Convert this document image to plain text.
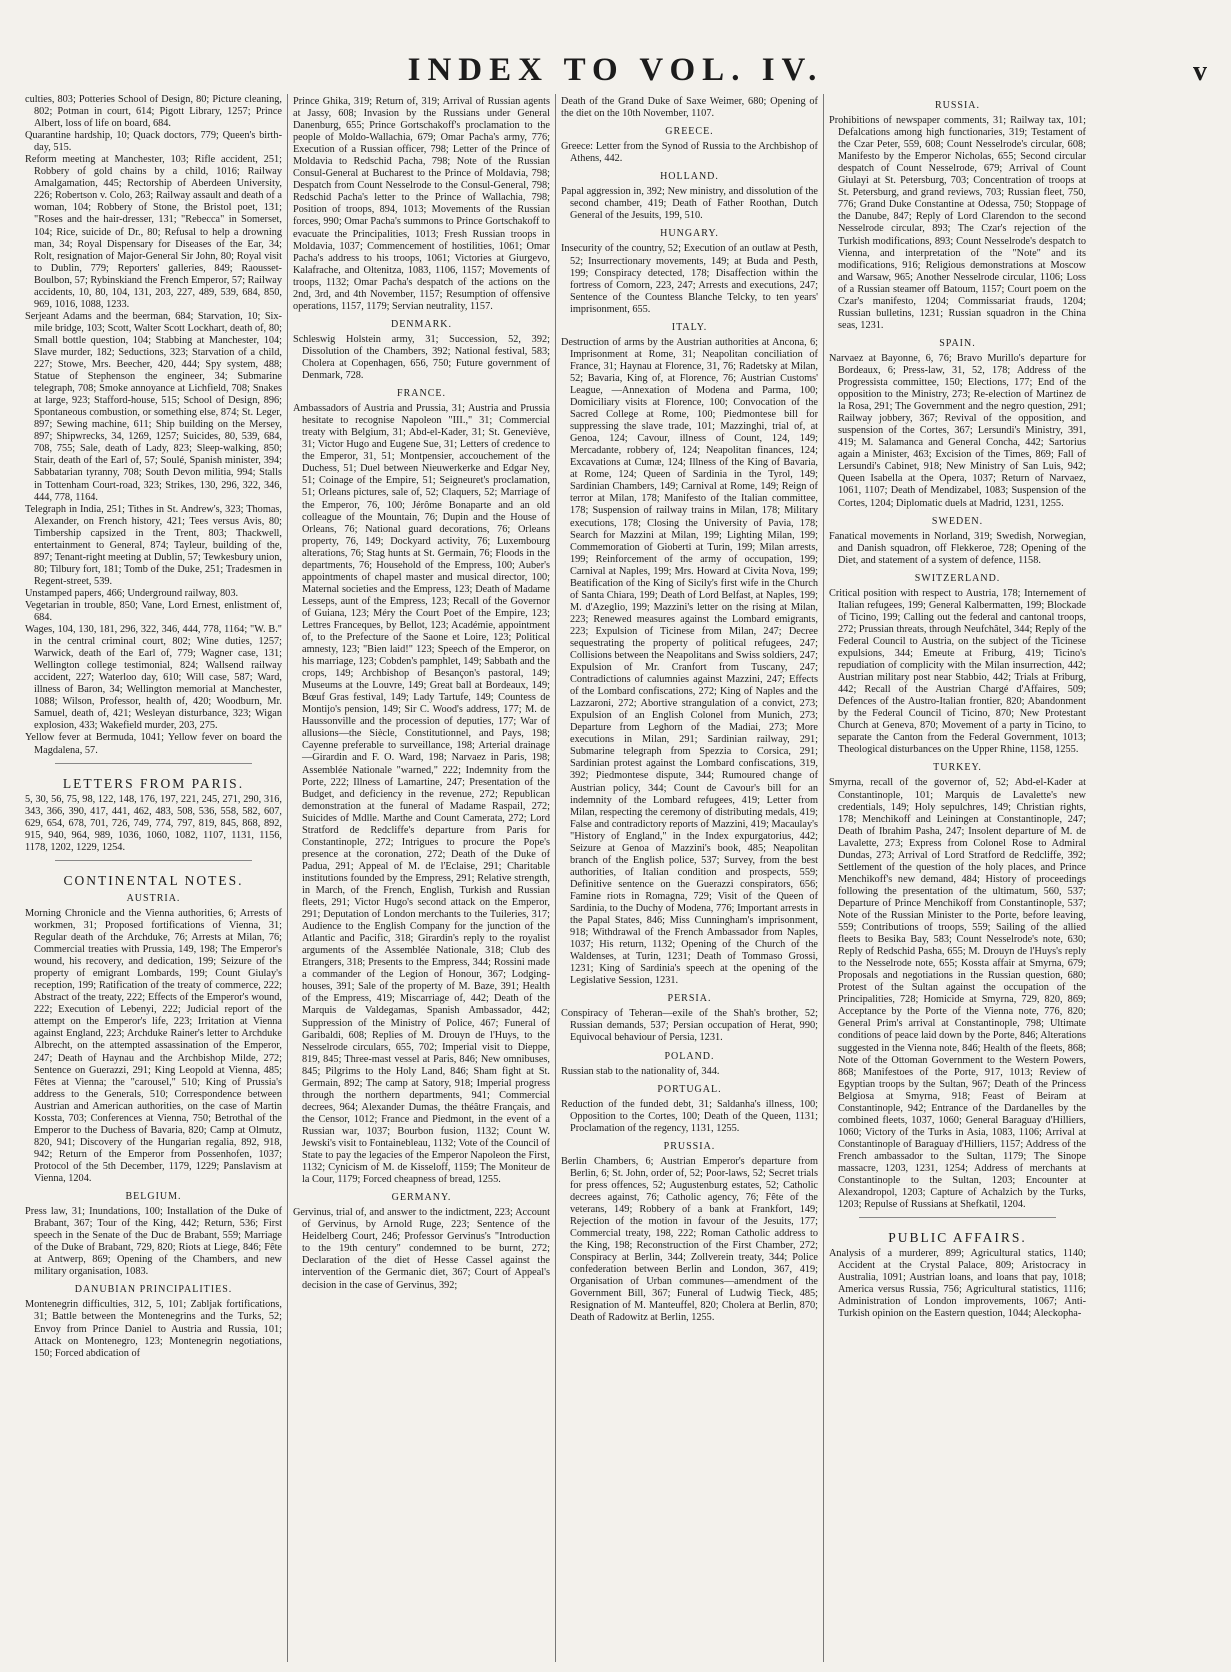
INDEX TO VOL. IV.	v

culties, 803; Potteries School of Design, 80; Picture cleaning, 802; Potman in court, 614; Pigott Library, 1257; Prince Albert, loss of life on board, 684.

Quarantine hardship, 10; Quack doctors, 779; Queen's birth-day, 515.

Reform meeting at Manchester, 103; Rifle accident, 251; Robbery of gold chains by a child, 1016; Railway Amalgamation, 445; Rectorship of Aberdeen University, 226; Robertson v. Colo, 263; Railway assault and death of a woman, 104; Robbery of Stone, the Bristol poet, 131; "Roses and the hair-dresser, 131; "Rebecca" in Somerset, 104; Rice, suicide of Dr., 80; Refusal to help a drowning man, 34; Royal Dispensary for Diseases of the Ear, 34; Rolt, resignation of Major-General Sir John, 80; Royal visit to Dublin, 779; Reporters' galleries, 849; Raousset-Boulbon, 57; Rybinskiand the French Emperor, 57; Railway accidents, 10, 80, 104, 131, 203, 227, 489, 539, 684, 850, 969, 1016, 1088, 1233.

Serjeant Adams and the beerman, 684; Starvation, 10; Six-mile bridge, 103; Scott, Walter Scott Lockhart, death of, 80; Small bottle question, 104; Stabbing at Manchester, 104; Slave murder, 182; Seductions, 323; Starvation of a child, 227; Stowe, Mrs. Beecher, 420, 444; Spy system, 488; Statue of Stephenson the engineer, 34; Submarine telegraph, 708; Smoke annoyance at Lichfield, 708; Snakes at large, 923; Stafford-house, 515; School of Design, 896; Spontaneous combustion, or something else, 874; St. Leger, 897; Sewing machine, 611; Ship building on the Mersey, 897; Shipwrecks, 34, 1269, 1257; Suicides, 80, 539, 684, 708, 755; Sale, death of Lady, 823; Sleep-walking, 850; Stair, death of the Earl of, 57; Soulé, Spanish minister, 394; Sabbatarian tyranny, 708; South Devon militia, 994; Stalls in Tottenham Court-road, 323; Strikes, 130, 296, 322, 346, 444, 778, 1164.

Telegraph in India, 251; Tithes in St. Andrew's, 323; Thomas, Alexander, on French history, 421; Tees versus Avis, 80; Timbership capsized in the Trent, 803; Thackwell, entertainment to General, 874; Tayleur, building of the, 897; Tenant-right meeting at Dublin, 57; Tewkesbury union, 80; Tilbury fort, 181; Tomb of the Duke, 251; Tradesmen in Regent-street, 539.

Unstamped papers, 466; Underground railway, 803.

Vegetarian in trouble, 850; Vane, Lord Ernest, enlistment of, 684.

Wages, 104, 130, 181, 296, 322, 346, 444, 778, 1164; "W. B." in the central criminal court, 802; Wine duties, 1257; Warwick, death of the Earl of, 779; Wagner case, 131; Wellington college testimonial, 824; Wallsend railway accident, 227; Waterloo day, 610; Will case, 587; Ward, illness of Baron, 34; Wellington memorial at Manchester, 1088; Wilson, Professor, health of, 420; Woodburn, Mr. Samuel, death of, 421; Wesleyan disturbance, 323; Wigan explosion, 433; Wakefield murder, 203, 275.

Yellow fever at Bermuda, 1041; Yellow fever on board the Magdalena, 57.

LETTERS FROM PARIS.

5, 30, 56, 75, 98, 122, 148, 176, 197, 221, 245, 271, 290, 316, 343, 366, 390, 417, 441, 462, 483, 508, 536, 558, 582, 607, 629, 654, 678, 701, 726, 749, 774, 797, 819, 845, 868, 892, 915, 940, 964, 989, 1036, 1060, 1082, 1107, 1131, 1156, 1178, 1202, 1229, 1254.

CONTINENTAL NOTES.
AUSTRIA.

Morning Chronicle and the Vienna authorities, 6; Arrests of workmen, 31; Proposed fortifications of Vienna, 31; Regular death of the Archduke, 76; Arrests at Milan, 76; Commercial treaties with Prussia, 149, 198; The Emperor's wound, his recovery, and dedication, 199; Seizure of the property of emigrant Lombards, 199; Count Giulay's reception, 199; Ratification of the treaty of commerce, 222; Abstract of the treaty, 222; Effects of the Emperor's wound, 222; Execution of Lebenyi, 222; Judicial report of the attempt on the Emperor's life, 223; Irritation at Vienna against England, 223; Archduke Rainer's letter to Archduke Albrecht, on the attempted assassination of the Emperor, 247; Death of Haynau and the Archbishop Milde, 272; Sentence on Guerazzi, 291; King Leopold at Vienna, 485; Fêtes at Vienna; the "carousel," 510; King of Prussia's address to the Generals, 510; Correspondence between Austrian and American authorities, on the case of Martin Kossta, 703; Conferences at Vienna, 750; Betrothal of the Emperor to the Duchess of Bavaria, 820; Camp at Olmutz, 820, 941; Discovery of the Hungarian regalia, 892, 918, 942; Return of the Emperor from Possenhofen, 1037; Protocol of the 5th December, 1179, 1229; Panslavism at Vienna, 1204.

BELGIUM.

Press law, 31; Inundations, 100; Installation of the Duke of Brabant, 367; Tour of the King, 442; Return, 536; First speech in the Senate of the Duc de Brabant, 559; Marriage of the Duke of Brabant, 729, 820; Riots at Liege, 846; Fête at Antwerp, 869; Opening of the Chambers, and new military organisation, 1083.

DANUBIAN PRINCIPALITIES.

Montenegrin difficulties, 312, 5, 101; Zabljak fortifications, 31; Battle between the Montenegrins and the Turks, 52; Envoy from Prince Daniel to Austria and Russia, 101; Attack on Montenegro, 123; Montenegrin negotiations, 150; Forced abdication of

Prince Ghika, 319; Return of, 319; Arrival of Russian agents at Jassy, 608; Invasion by the Russians under General Danenburg, 655; Prince Gortschakoff's proclamation to the people of Moldo-Wallachia, 679; Omar Pacha's army, 776; Execution of a Russian officer, 798; Letter of the Prince of Moldavia to Redschid Pacha, 798; Note of the Russian Consul-General at Bucharest to the Prince of Moldavia, 798; Despatch from Count Nesselrode to the Consul-General, 798; Redschid Pacha's letter to the Prince of Wallachia, 798; Position of troops, 894, 1013; Movements of the Russian forces, 990; Omar Pacha's summons to Prince Gortschakoff to evacuate the Principalities, 1013; Fresh Russian troops in Moldavia, 1037; Commencement of hostilities, 1061; Omar Pacha's address to his troops, 1061; Victories at Giurgevo, Kalafrache, and Oltenitza, 1083, 1106, 1157; Movements of troops, 1132; Omar Pacha's despatch of the actions on the 2nd, 3rd, and 4th November, 1157; Resumption of offensive operations, 1157, 1179; Servian neutrality, 1157.

DENMARK.

Schleswig Holstein army, 31; Succession, 52, 392; Dissolution of the Chambers, 392; National festival, 583; Cholera at Copenhagen, 656, 750; Future government of Denmark, 728.

FRANCE.

Ambassadors of Austria and Prussia, 31; Austria and Prussia hesitate to recognise Napoleon "III.," 31; Commercial treaty with Belgium, 31; Abd-el-Kader, 31; St. Geneviève, 31; Victor Hugo and Eugene Sue, 31; Letters of credence to the Emperor, 31, 51; Montpensier, accouchement of the Duchess, 51; Duel between Nieuwerkerke and Edgar Ney, 51; Coinage of the Empire, 51; Seigneuret's proclamation, 51; Orleans pictures, sale of, 52; Claquers, 52; Marriage of the Emperor, 76, 100; Jérôme Bonaparte and an old colleague of the Mountain, 76; Dupin and the House of Orleans, 76; National guard decorations, 76; Orleans property, 76, 149; Dockyard activity, 76; Luxembourg alterations, 76; Stag hunts at St. Germain, 76; Floods in the departments, 76; Household of the Empress, 100; Auber's appointments of chapel master and musical director, 100; Maternal societies and the Empress, 123; Death of Madame Lesseps, aunt of the Empress, 123; Recall of the Governor of Guiana, 123; Méry the Court Poet of the Empire, 123; Lettres Franceques, by Bellot, 123; Académie, appointment of, to the Prefecture of the Saone et Loire, 123; Political amnesty, 123; "Bien laid!" 123; Speech of the Emperor, on his marriage, 123; Cobden's pamphlet, 149; Sabbath and the crops, 149; Archbishop of Besançon's pastoral, 149; Museums at the Louvre, 149; Great ball at Bordeaux, 149; Bœuf Gras festival, 149; Lady Tartufe, 149; Countess de Montijo's pension, 149; Sir C. Wood's address, 177; M. de Haussonville and the procession of deputies, 177; War of allusions—the Siècle, Constitutionnel, and Pays, 198; Cayenne preferable to surveillance, 198; Arterial drainage—Girardin and F. O. Ward, 198; Narvaez in Paris, 198; Assemblée Nationale "warned," 222; Indemnity from the Porte, 222; Illness of Lamartine, 247; Presentation of the Budget, and deficiency in the revenue, 272; Republican demonstration at the funeral of Madame Raspail, 272; Suicides of Mdlle. Marthe and Count Camerata, 272; Lord Stratford de Redcliffe's departure from Paris for Constantinople, 272; Intrigues to procure the Pope's presence at the coronation, 272; Death of the Duke of Padua, 291; Appeal of M. de l'Eclaise, 291; Charitable institutions founded by the Empress, 291; Relative strength, in March, of the French, English, Turkish and Russian fleets, 291; Victor Hugo's second attack on the Emperor, 291; Deputation of London merchants to the Tuileries, 317; Audience to the English Company for the junction of the Atlantic and Pacific, 318; Girardin's reply to the royalist arguments of the Assemblée Nationale, 318; Club des Etrangers, 318; Presents to the Empress, 344; Rossini made a commander of the Legion of Honour, 367; Lodging-houses, 391; Sale of the property of M. Baze, 391; Health of the Empress, 419; Miscarriage of, 442; Death of the Marquis de Valdegamas, Spanish Ambassador, 442; Suppression of the Ministry of Police, 467; Funeral of Garibaldi, 608; Replies of M. Drouyn de l'Huys, to the Nesselrode circulars, 655, 702; Imperial visit to Dieppe, 819, 845; Three-mast vessel at Paris, 846; New omnibuses, 845; Pilgrims to the Holy Land, 846; Sham fight at St. Germain, 892; The camp at Satory, 918; Imperial progress through the northern departments, 941; Commercial decrees, 964; Alexander Dumas, the théâtre Français, and the Censor, 1012; France and Piedmont, in the event of a Russian war, 1037; Bourbon fusion, 1132; Count W. Jewski's visit to Fontainebleau, 1132; Vote of the Council of State to pay the legacies of the Emperor Napoleon the First, 1132; Cynicism of M. de Kisseloff, 1159; The Moniteur de la Cour, 1179; Forced cheapness of bread, 1255.

GERMANY.

Gervinus, trial of, and answer to the indictment, 223; Account of Gervinus, by Arnold Ruge, 223; Sentence of the Heidelberg Court, 246; Professor Gervinus's "Introduction to the 19th century" condemned to be burnt, 272; Declaration of the diet of Hesse Cassel against the intervention of the Germanic diet, 367; Court of Appeal's decision in the case of Gervinus, 392;

Death of the Grand Duke of Saxe Weimer, 680; Opening of the diet on the 10th November, 1107.

GREECE.

Greece: Letter from the Synod of Russia to the Archbishop of Athens, 442.

HOLLAND.

Papal aggression in, 392; New ministry, and dissolution of the second chamber, 419; Death of Father Roothan, Dutch General of the Jesuits, 199, 510.

HUNGARY.

Insecurity of the country, 52; Execution of an outlaw at Pesth, 52; Insurrectionary movements, 149; at Buda and Pesth, 199; Conspiracy detected, 178; Disaffection within the fortress of Comorn, 223, 247; Arrests and executions, 247; Sentence of the Countess Blanche Telcky, to ten years' imprisonment, 655.

ITALY.

Destruction of arms by the Austrian authorities at Ancona, 6; Imprisonment at Rome, 31; Neapolitan conciliation of France, 31; Haynau at Florence, 31, 76; Radetsky at Milan, 52; Bavaria, King of, at Florence, 76; Austrian Customs' League, —Annexation of Modena and Parma, 100; Domiciliary visits at Florence, 100; Convocation of the Sacred College at Rome, 100; Piedmontese bill for suppressing the slave trade, 101; Mazzinghi, trial of, at Genoa, 124; Cavour, illness of Count, 124, 149; Mercadante, robbery of, 124; Neapolitan finances, 124; Excavations at Cumæ, 124; Illness of the King of Bavaria, at Rome, 124; Queen of Sardinia in the Tyrol, 149; Sardinian Chambers, 149; Carnival at Rome, 149; Reign of terror at Milan, 178; Manifesto of the Italian committee, 178; Suspension of railway trains in Milan, 178; Military executions, 178; Closing the University of Pavia, 178; Search for Mazzini at Milan, 199; Lighting Milan, 199; Commemoration of Gioberti at Turin, 199; Milan arrests, 199; Reinforcement of the army of occupation, 199; Carnival at Naples, 199; Mrs. Howard at Civita Nova, 199; Beatification of the King of Sicily's first wife in the Church of Santa Chiara, 199; Death of Lord Belfast, at Naples, 199; M. d'Azeglio, 199; Mazzini's letter on the rising at Milan, 223; Renewed measures against the Lombard emigrants, 223; Expulsion of Ticinese from Milan, 247; Decree sequestrating the property of political refugees, 247; Collisions between the Neapolitans and Swiss soldiers, 247; Expulsion of Mr. Cranfort from Tuscany, 247; Contradictions of calumnies against Mazzini, 247; Effects of the Lombard confiscations, 272; King of Naples and the Lazzaroni, 272; Abortive strangulation of a convict, 273; Expulsion of an English Colonel from Munich, 273; Departure from Leghorn of the Madiai, 273; More executions in Milan, 291; Sardinian railway, 291; Submarine telegraph from Spezzia to Corsica, 291; Sardinian protest against the Lombard confiscations, 319, 392; Piedmontese dispute, 344; Rumoured change of Austrian policy, 344; Count de Cavour's bill for an indemnity of the Lombard refugees, 419; Letter from Milan, respecting the ceremony of distributing medals, 419; False and contradictory reports of Mazzini, 419; Macaulay's "History of England," in the Index expurgatorius, 442; Seizure at Genoa of Mazzini's book, 485; Neapolitan branch of the English police, 537; Survey, from the best authorities, of Italian condition and prospects, 559; Definitive sentence on the Guerazzi conspirators, 656; Famine riots in Romagna, 729; Visit of the Queen of Sardinia, to the Duchy of Modena, 776; Important arrests in the Papal States, 846; Miss Cunningham's imprisonment, 918; Withdrawal of the French Ambassador from Naples, 1037; His return, 1132; Opening of the Church of the Waldenses, at Turin, 1231; Death of Tommaso Grossi, 1231; King of Sardinia's speech at the opening of the Legislative Session, 1231.

PERSIA.

Conspiracy of Teheran—exile of the Shah's brother, 52; Russian demands, 537; Persian occupation of Herat, 990; Equivocal behaviour of Persia, 1231.

POLAND.

Russian stab to the nationality of, 344.

PORTUGAL.

Reduction of the funded debt, 31; Saldanha's illness, 100; Opposition to the Cortes, 100; Death of the Queen, 1131; Proclamation of the regency, 1131, 1255.

PRUSSIA.

Berlin Chambers, 6; Austrian Emperor's departure from Berlin, 6; St. John, order of, 52; Poor-laws, 52; Secret trials for press offences, 52; Augustenburg estates, 52; Catholic decrees against, 76; Catholic agency, 76; Fête of the veterans, 149; Robbery of a bank at Frankfort, 149; Rejection of the motion in favour of the Jesuits, 177; Commercial treaty, 198, 222; Roman Catholic address to the King, 198; Reconstruction of the First Chamber, 272; Conspiracy at Berlin, 344; Zollverein treaty, 344; Police confederation between Berlin and London, 367, 419; Organisation of Urban communes—amendment of the Government Bill, 367; Funeral of Ludwig Tieck, 485; Resignation of M. Manteuffel, 820; Cholera at Berlin, 870; Death of Radowitz at Berlin, 1255.

RUSSIA.

Prohibitions of newspaper comments, 31; Railway tax, 101; Defalcations among high functionaries, 319; Testament of the Czar Peter, 559, 608; Count Nesselrode's circular, 608; Manifesto by the Emperor Nicholas, 655; Second circular despatch of Count Nesselrode, 679; Arrival of Count Giulayi at St. Petersburg, 703; Concentration of troops at St. Petersburg, and grand reviews, 703; Russian fleet, 750, 776; Grand Duke Constantine at Odessa, 750; Stoppage of the Danube, 847; Reply of Lord Clarendon to the second Nesselrode circular, 893; The Czar's rejection of the Turkish modifications, 893; Count Nesselrode's despatch to Vienna, and interpretation of the "Note" and its modifications, 916; Religious demonstrations at Moscow and Warsaw, 965; Another Nesselrode circular, 1106; Loss of a Russian steamer off Batoum, 1157; Court poem on the Czar's manifesto, 1204; Commissariat frauds, 1204; Russian bulletins, 1231; Russian squadron in the China seas, 1231.

SPAIN.

Narvaez at Bayonne, 6, 76; Bravo Murillo's departure for Bordeaux, 6; Press-law, 31, 52, 178; Address of the Progressista committee, 150; Elections, 177; End of the opposition to the Ministry, 273; Re-election of Martinez de la Rosa, 291; The Government and the negro question, 291; Railway jobbery, 367; Revival of the opposition, and suspension of the Cortes, 367; Lersundi's Ministry, 391, 419; M. Salamanca and General Concha, 442; Sartorius again a Minister, 463; Excision of the Times, 869; Fall of Lersundi's Cabinet, 918; New Ministry of San Luis, 942; Queen Isabella at the Opera, 1037; Return of Narvaez, 1061, 1107; Death of Mendizabel, 1083; Suspension of the Cortes, 1204; Diplomatic duels at Madrid, 1231, 1255.

SWEDEN.

Fanatical movements in Norland, 319; Swedish, Norwegian, and Danish squadron, off Flekkeroe, 728; Opening of the Diet, and statement of a system of defence, 1158.

SWITZERLAND.

Critical position with respect to Austria, 178; Internement of Italian refugees, 199; General Kalbermatten, 199; Blockade of Ticino, 199; Calling out the federal and cantonal troops, 272; Prussian threats, through Neufchâtel, 344; Reply of the Federal Council to Austria, on the subject of the Ticinese expulsions, 344; Emeute at Friburg, 419; Ticino's repudiation of complicity with the Milan insurrection, 442; Austrian military post near Stabbio, 442; Trials at Friburg, 442; Recall of the Austrian Chargé d'Affaires, 509; Defences of the Austro-Italian frontier, 820; Abandonment by the Federal Council of Ticino, 870; New Protestant Church at Geneva, 870; Movement of a party in Ticino, to separate the Canton from the Federal Government, 1013; Theological disturbances on the Upper Rhine, 1158, 1255.

TURKEY.

Smyrna, recall of the governor of, 52; Abd-el-Kader at Constantinople, 101; Marquis de Lavalette's new credentials, 149; Holy sepulchres, 149; Christian rights, 178; Menchikoff and Leiningen at Constantinople, 247; Death of Ibrahim Pasha, 247; Insolent departure of M. de Lavalette, 273; Express from Colonel Rose to Admiral Dundas, 273; Arrival of Lord Stratford de Redcliffe, 392; Settlement of the question of the holy places, and Prince Menchikoff's new demand, 484; History of proceedings following the presentation of the ultimatum, 560, 537; Departure of Prince Menchikoff from Constantinople, 537; Note of the Russian Minister to the Porte, before leaving, 559; Contributions of troops, 559; Sailing of the allied fleets to Besika Bay, 583; Count Nesselrode's note, 630; Reply of Redschid Pasha, 655; M. Drouyn de l'Huys's reply to the Nesselrode note, 655; Kossta affair at Smyrna, 679; Proposals and negotiations in the Russian question, 680; Protest of the Sultan against the occupation of the Principalities, 728; Homicide at Smyrna, 729, 820, 869; Acceptance by the Porte of the Vienna note, 776, 820; General Prim's arrival at Constantinople, 798; Ultimate conditions of peace laid down by the Porte, 846; Alterations suggested in the Vienna note, 846; Health of the fleets, 868; Note of the Ottoman Government to the Western Powers, 868; Manifestoes of the Porte, 917, 1013; Review of Egyptian troops by the Sultan, 967; Death of the Princess Belgiosa at Smyrna, 918; Feast of Beiram at Constantinople, 942; Entrance of the Dardanelles by the combined fleets, 1037, 1060; General Baraguay d'Hilliers, 1060; Victory of the Turks in Asia, 1083, 1106; Arrival at Constantinople of Baraguay d'Hilliers, 1157; Address of the French ambassador to the Sultan, 1179; The Sinope massacre, 1203, 1231, 1254; Address of merchants at Constantinople to the Sultan, 1203; Encounter at Alexandropol, 1203; Capture of Achalzich by the Turks, 1203; Repulse of Russians at Shefkatil, 1204.

PUBLIC AFFAIRS.

Analysis of a murderer, 899; Agricultural statics, 1140; Accident at the Crystal Palace, 809; Aristocracy in Australia, 1091; Austrian loans, and loans that pay, 1018; America versus Russia, 756; Agricultural statistics, 1116; Administration of London improvements, 1067; Anti-Turkish opinion on the Eastern question, 1044; Aleckopha-
